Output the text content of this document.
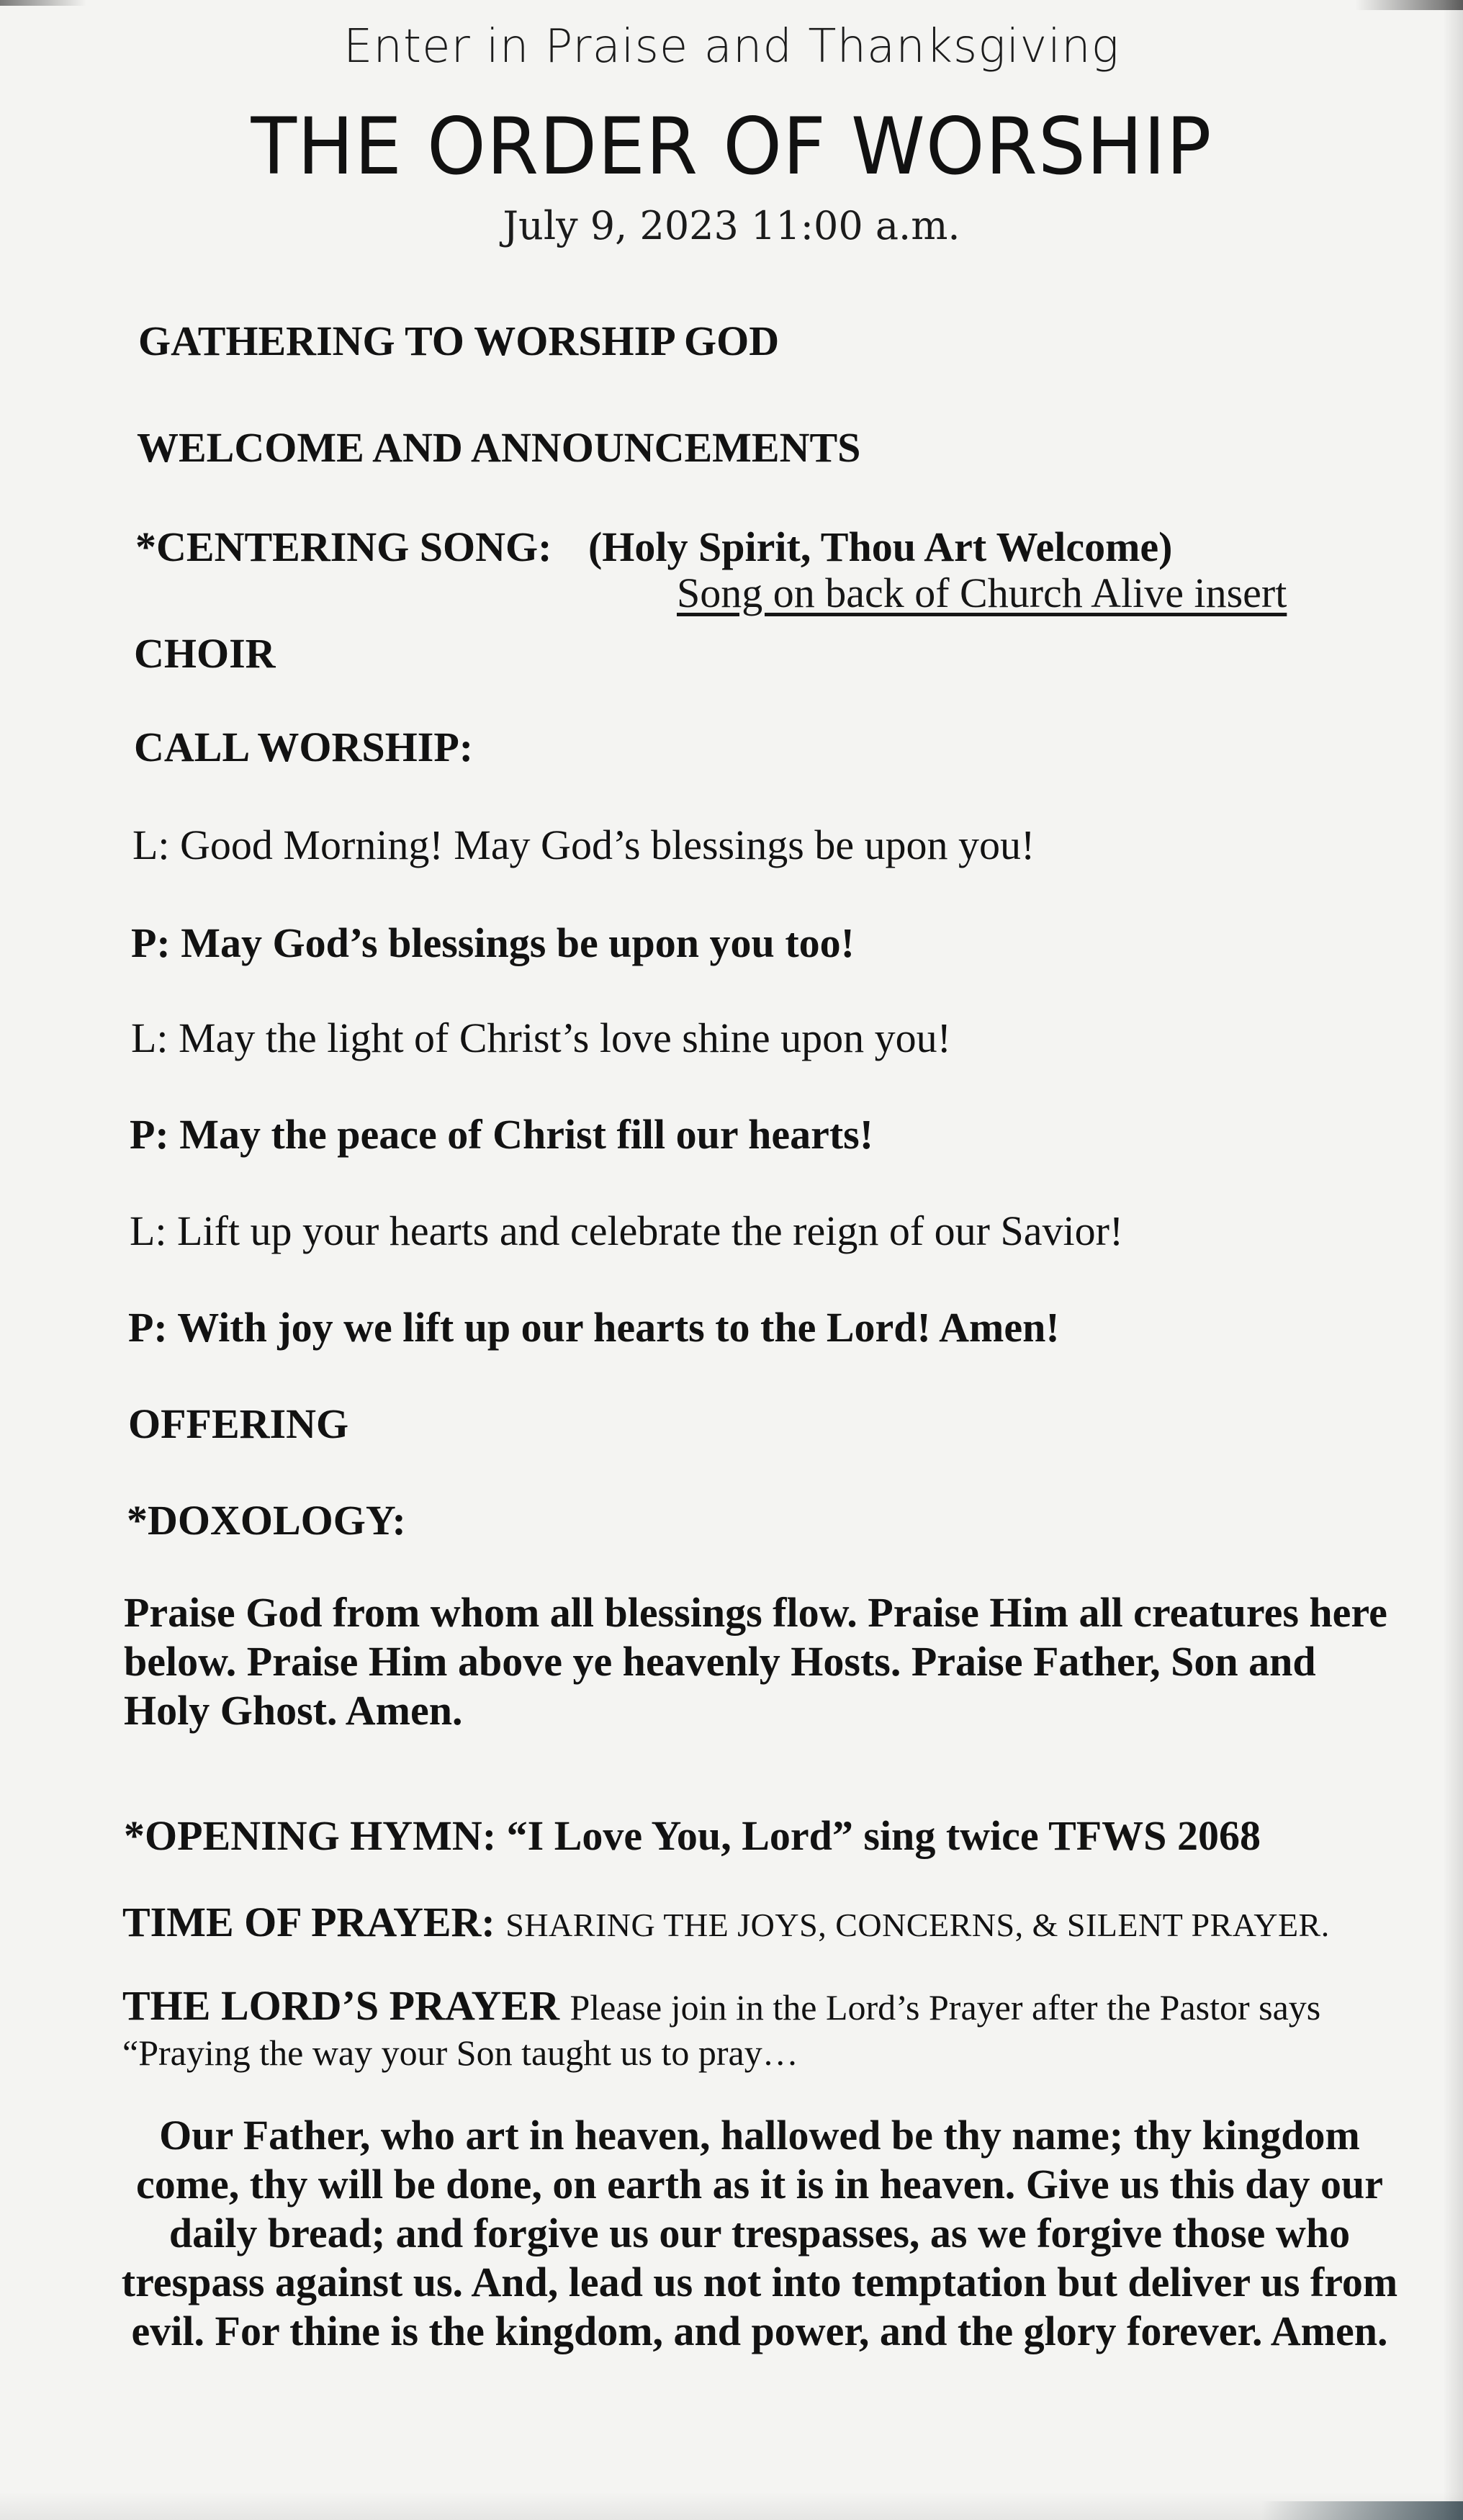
Enter in Praise and Thanksgiving
THE ORDER OF WORSHIP
July 9, 2023 11:00 a.m.
GATHERING TO WORSHIP GOD
WELCOME AND ANNOUNCEMENTS
*CENTERING SONG: (Holy Spirit, Thou Art Welcome)
Song on back of Church Alive insert
CHOIR
CALL WORSHIP:
L: Good Morning! May God’s blessings be upon you!
P: May God’s blessings be upon you too!
L: May the light of Christ’s love shine upon you!
P: May the peace of Christ fill our hearts!
L: Lift up your hearts and celebrate the reign of our Savior!
P: With joy we lift up our hearts to the Lord! Amen!
OFFERING
*DOXOLOGY:
Praise God from whom all blessings flow. Praise Him all creatures here below. Praise Him above ye heavenly Hosts. Praise Father, Son and Holy Ghost. Amen.
*OPENING HYMN: “I Love You, Lord” sing twice TFWS 2068
TIME OF PRAYER: SHARING THE JOYS, CONCERNS, & SILENT PRAYER.
THE LORD’S PRAYER Please join in the Lord’s Prayer after the Pastor says
“Praying the way your Son taught us to pray…
Our Father, who art in heaven, hallowed be thy name; thy kingdom come, thy will be done, on earth as it is in heaven. Give us this day our daily bread; and forgive us our trespasses, as we forgive those who trespass against us. And, lead us not into temptation but deliver us from evil. For thine is the kingdom, and power, and the glory forever. Amen.
